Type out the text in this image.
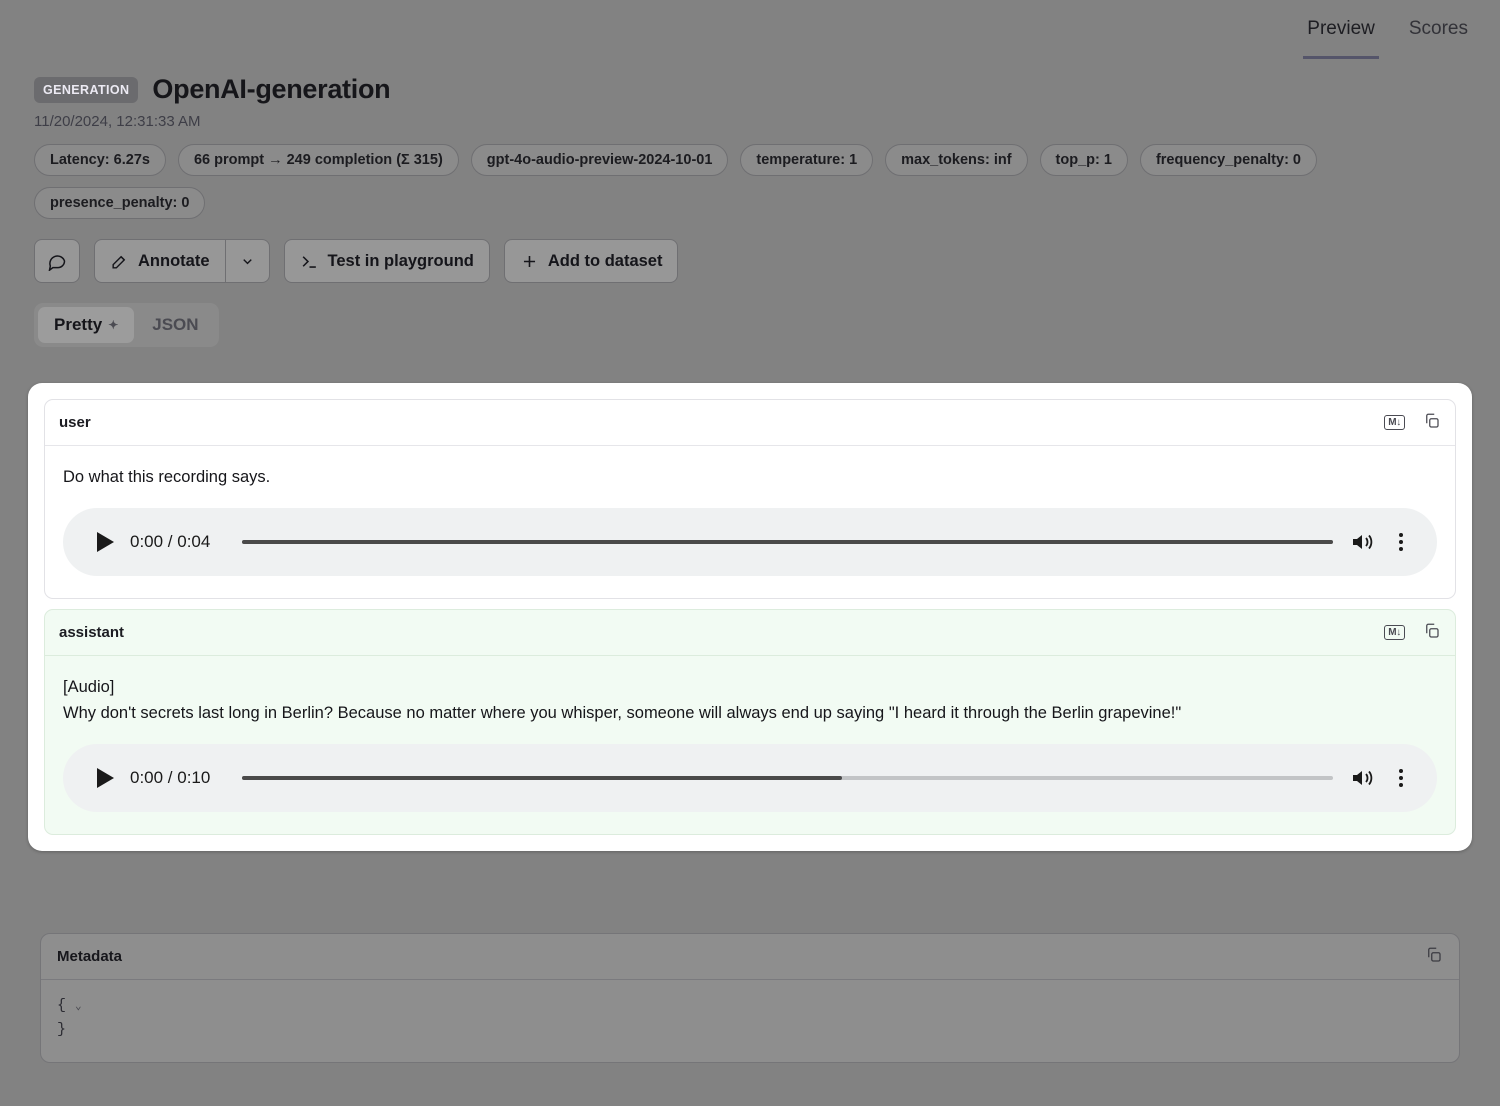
Preview Scores
GENERATION OpenAI-generation
11/20/2024, 12:31:33 AM
Latency: 6.27s	66 prompt → 249 completion (Σ 315)	gpt-4o-audio-preview-2024-10-01	temperature: 1	max_tokens: inf	top_p: 1	frequency_penalty: 0
presence_penalty: 0
Annotate	Test in playground	Add to dataset
Pretty ✦ JSON
user	M↓
Do what this recording says.
0:00 / 0:04
assistant	M↓
[Audio]
Why don't secrets last long in Berlin? Because no matter where you whisper, someone will always end up saying "I heard it through the Berlin grapevine!"
0:00 / 0:10
Metadata
{ ⌄
}
